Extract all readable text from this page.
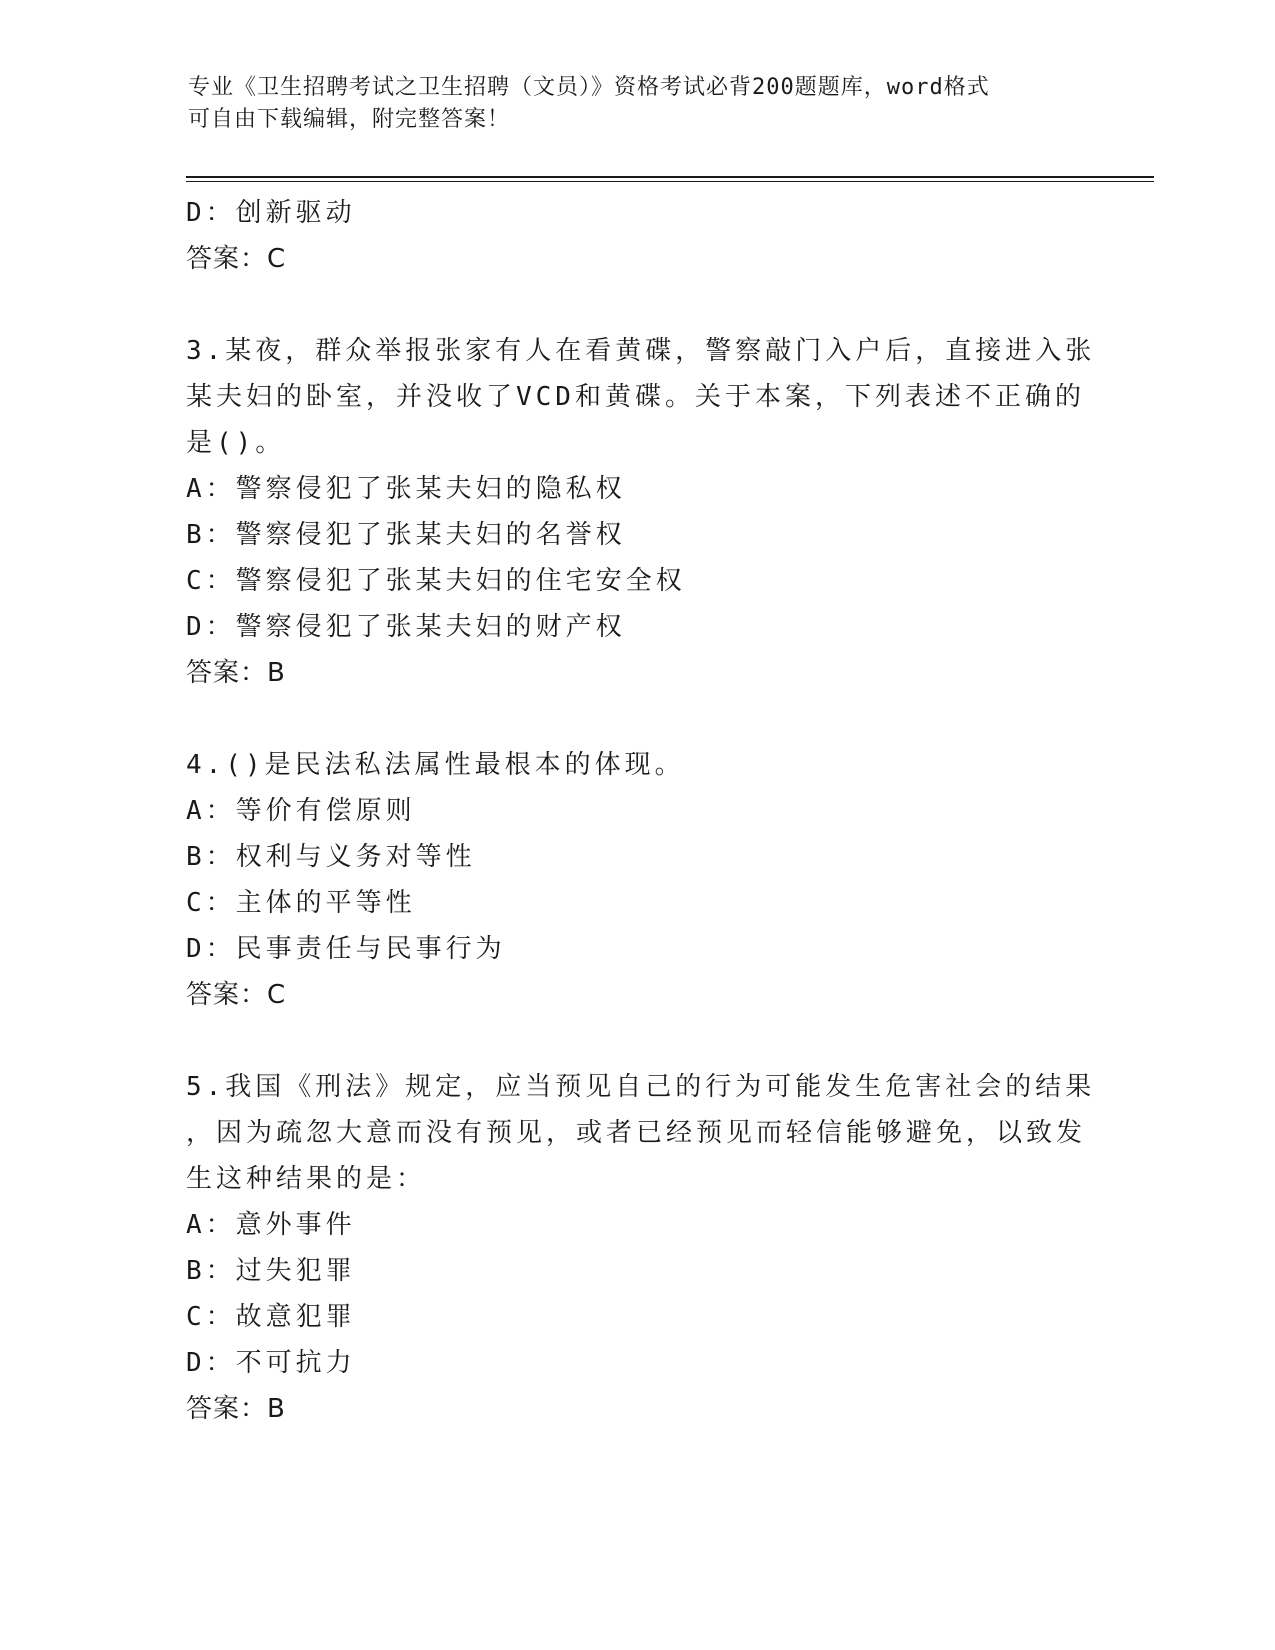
专业《卫生招聘考试之卫生招聘（文员）》资格考试必背200题题库，word格式
可自由下载编辑，附完整答案！
D：创新驱动
答案：C
3.某夜，群众举报张家有人在看黄碟，警察敲门入户后，直接进入张
某夫妇的卧室，并没收了VCD和黄碟。关于本案，下列表述不正确的
是()。
A：警察侵犯了张某夫妇的隐私权
B：警察侵犯了张某夫妇的名誉权
C：警察侵犯了张某夫妇的住宅安全权
D：警察侵犯了张某夫妇的财产权
答案：B
4.()是民法私法属性最根本的体现。
A：等价有偿原则
B：权利与义务对等性
C：主体的平等性
D：民事责任与民事行为
答案：C
5.我国《刑法》规定，应当预见自己的行为可能发生危害社会的结果
，因为疏忽大意而没有预见，或者已经预见而轻信能够避免，以致发
生这种结果的是：
A：意外事件
B：过失犯罪
C：故意犯罪
D：不可抗力
答案：B
